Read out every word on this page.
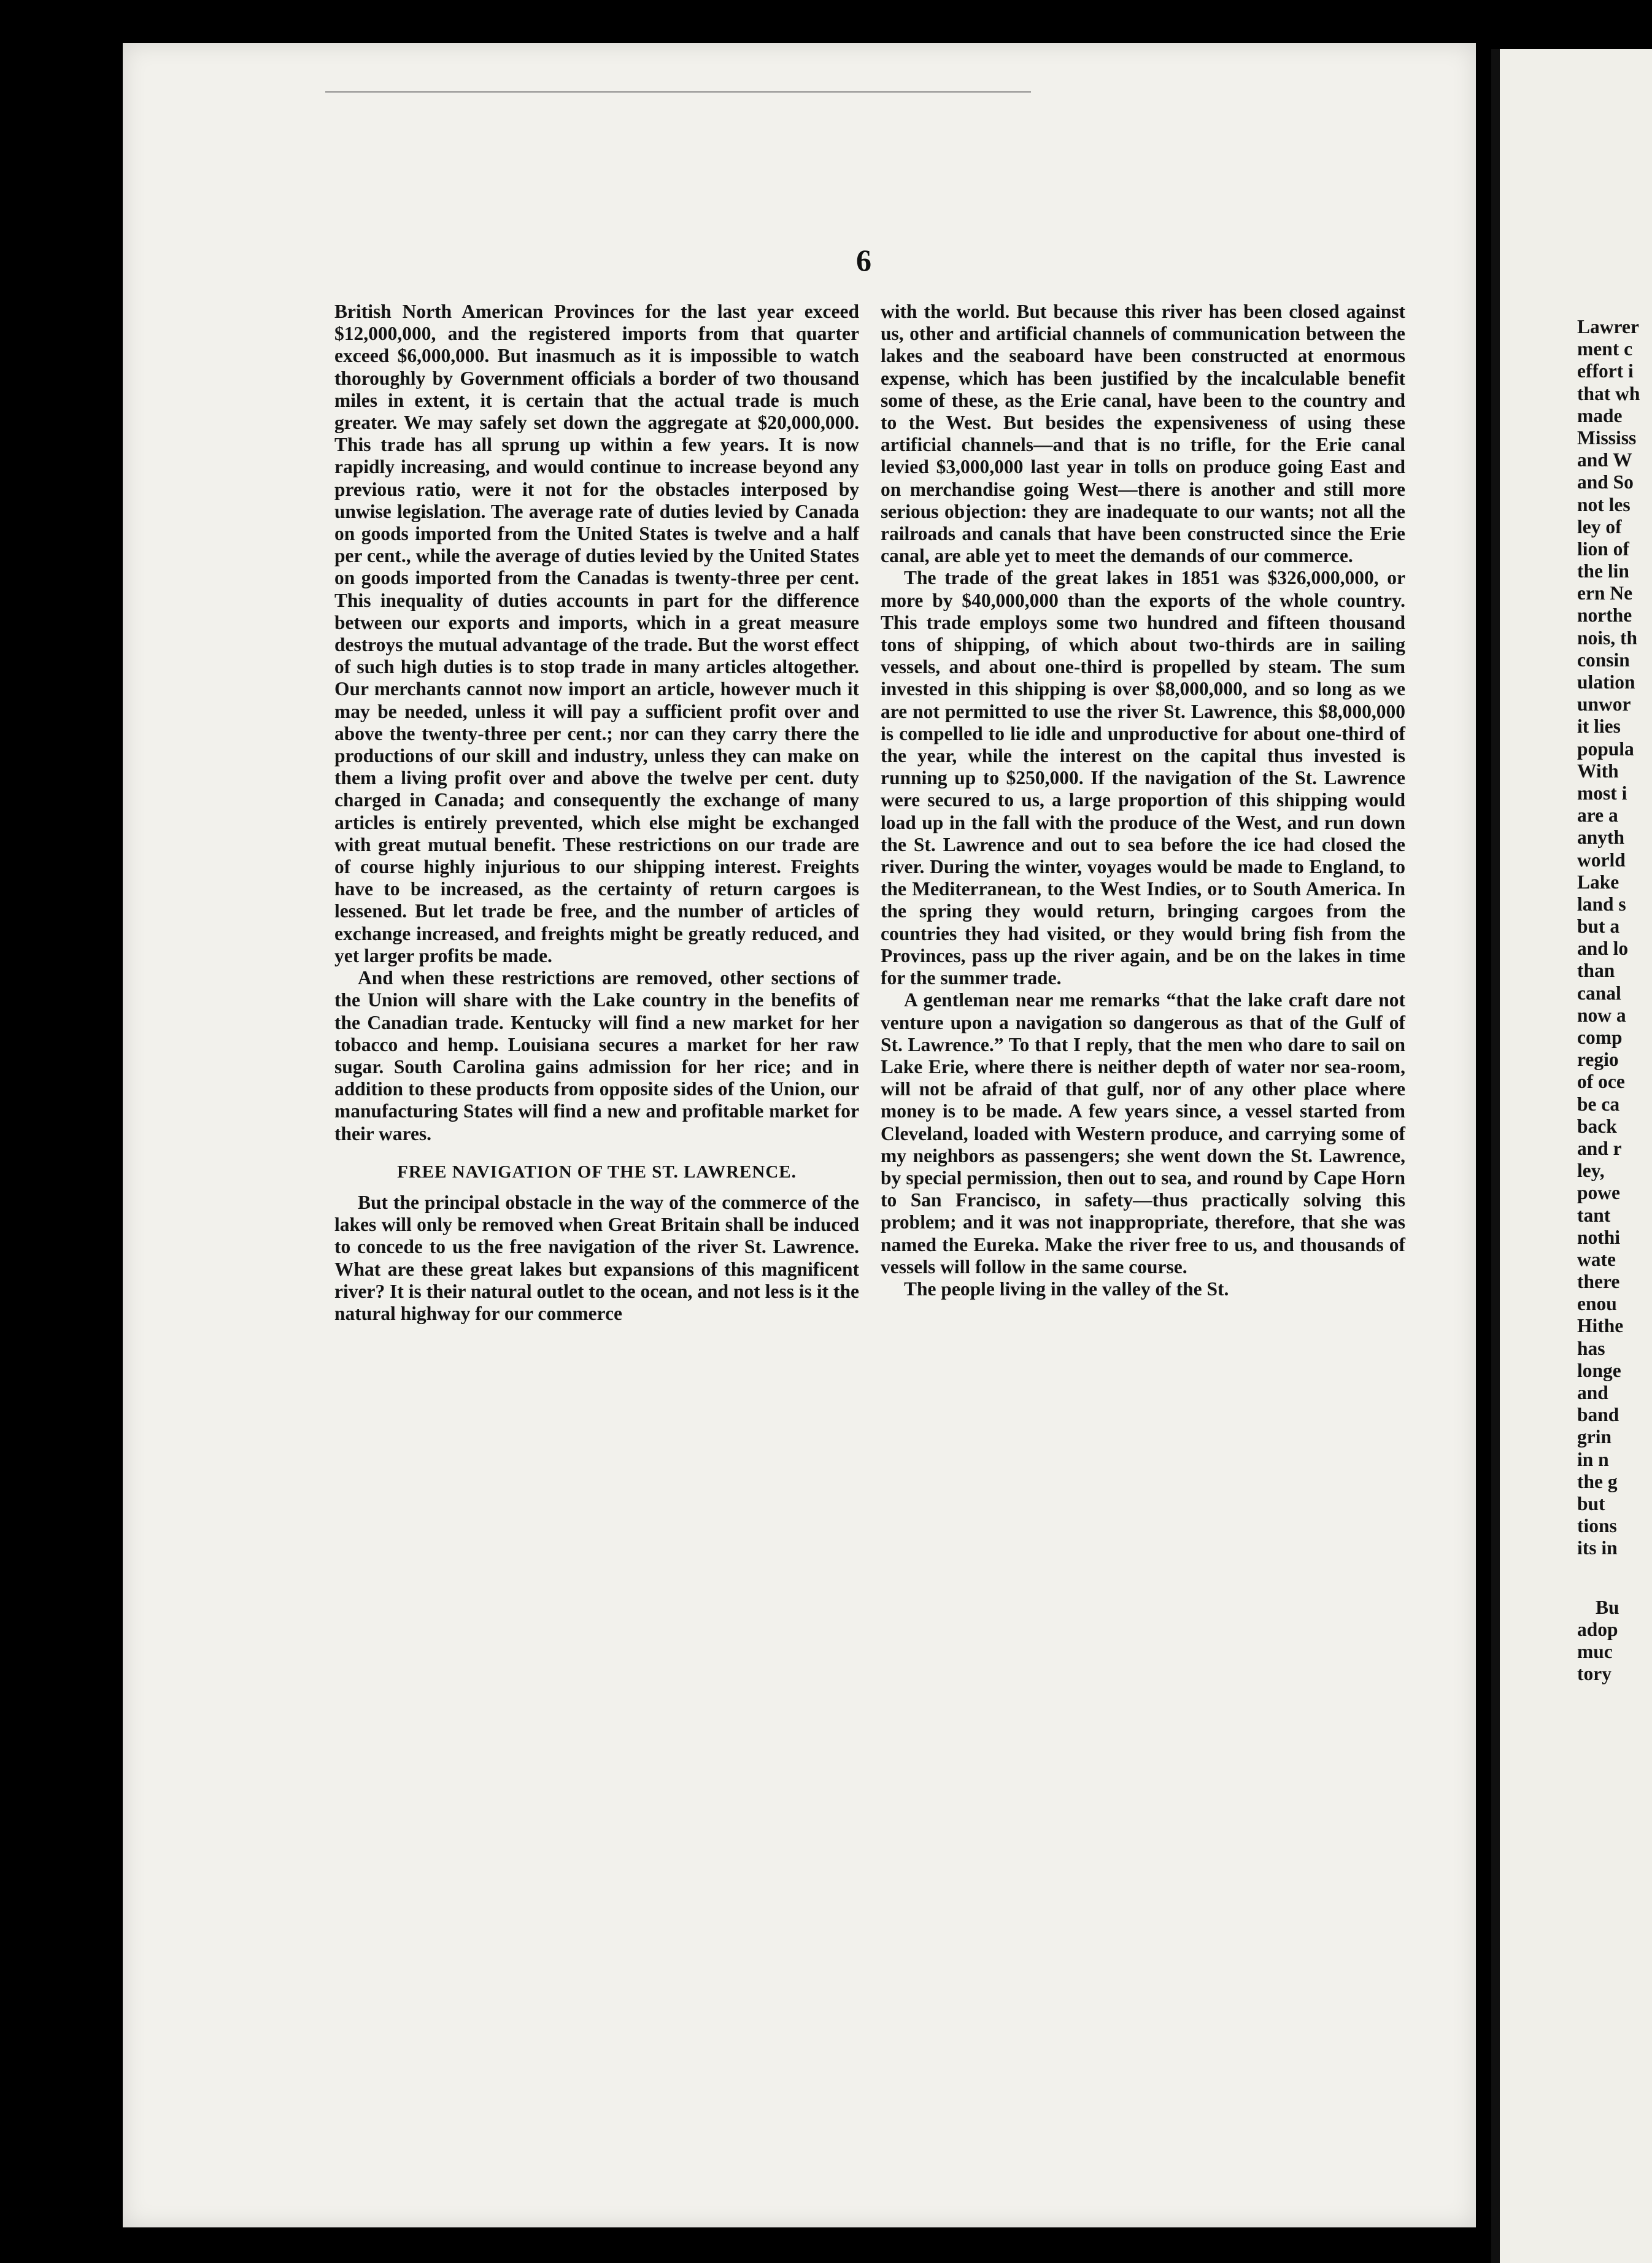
6

British North American Provinces for the last year exceed $12,000,000, and the registered imports from that quarter exceed $6,000,000. But inasmuch as it is impossible to watch thoroughly by Government officials a border of two thousand miles in extent, it is certain that the actual trade is much greater. We may safely set down the aggregate at $20,000,000. This trade has all sprung up within a few years. It is now rapidly increasing, and would continue to increase beyond any previous ratio, were it not for the obstacles interposed by unwise legislation. The average rate of duties levied by Canada on goods imported from the United States is twelve and a half per cent., while the average of duties levied by the United States on goods imported from the Canadas is twenty-three per cent. This inequality of duties accounts in part for the difference between our exports and imports, which in a great measure destroys the mutual advantage of the trade. But the worst effect of such high duties is to stop trade in many articles altogether. Our merchants cannot now import an article, however much it may be needed, unless it will pay a sufficient profit over and above the twenty-three per cent.; nor can they carry there the productions of our skill and industry, unless they can make on them a living profit over and above the twelve per cent. duty charged in Canada; and consequently the exchange of many articles is entirely prevented, which else might be exchanged with great mutual benefit. These restrictions on our trade are of course highly injurious to our shipping interest. Freights have to be increased, as the certainty of return cargoes is lessened. But let trade be free, and the number of articles of exchange increased, and freights might be greatly reduced, and yet larger profits be made.

And when these restrictions are removed, other sections of the Union will share with the Lake country in the benefits of the Canadian trade. Kentucky will find a new market for her tobacco and hemp. Louisiana secures a market for her raw sugar. South Carolina gains admission for her rice; and in addition to these products from opposite sides of the Union, our manufacturing States will find a new and profitable market for their wares.

FREE NAVIGATION OF THE ST. LAWRENCE.

But the principal obstacle in the way of the commerce of the lakes will only be removed when Great Britain shall be induced to concede to us the free navigation of the river St. Lawrence. What are these great lakes but expansions of this magnificent river? It is their natural outlet to the ocean, and not less is it the natural highway for our commerce

with the world. But because this river has been closed against us, other and artificial channels of communication between the lakes and the seaboard have been constructed at enormous expense, which has been justified by the incalculable benefit some of these, as the Erie canal, have been to the country and to the West. But besides the expensiveness of using these artificial channels—and that is no trifle, for the Erie canal levied $3,000,000 last year in tolls on produce going East and on merchandise going West—there is another and still more serious objection: they are inadequate to our wants; not all the railroads and canals that have been constructed since the Erie canal, are able yet to meet the demands of our commerce.

The trade of the great lakes in 1851 was $326,000,000, or more by $40,000,000 than the exports of the whole country. This trade employs some two hundred and fifteen thousand tons of shipping, of which about two-thirds are in sailing vessels, and about one-third is propelled by steam. The sum invested in this shipping is over $8,000,000, and so long as we are not permitted to use the river St. Lawrence, this $8,000,000 is compelled to lie idle and unproductive for about one-third of the year, while the interest on the capital thus invested is running up to $250,000. If the navigation of the St. Lawrence were secured to us, a large proportion of this shipping would load up in the fall with the produce of the West, and run down the St. Lawrence and out to sea before the ice had closed the river. During the winter, voyages would be made to England, to the Mediterranean, to the West Indies, or to South America. In the spring they would return, bringing cargoes from the countries they had visited, or they would bring fish from the Provinces, pass up the river again, and be on the lakes in time for the summer trade.

A gentleman near me remarks “that the lake craft dare not venture upon a navigation so dangerous as that of the Gulf of St. Lawrence.” To that I reply, that the men who dare to sail on Lake Erie, where there is neither depth of water nor sea-room, will not be afraid of that gulf, nor of any other place where money is to be made. A few years since, a vessel started from Cleveland, loaded with Western produce, and carrying some of my neighbors as passengers; she went down the St. Lawrence, by special permission, then out to sea, and round by Cape Horn to San Francisco, in safety—thus practically solving this problem; and it was not inappropriate, therefore, that she was named the Eureka. Make the river free to us, and thousands of vessels will follow in the same course.

The people living in the valley of the St.

Lawrer
ment c
effort i
that wh
made
Mississ
and W
and So
not les
ley of
lion of
the lin
ern Ne
northe
nois, th
consin
ulation
unwor
it lies
popula
With
most i
are a
anyth
world
Lake
land s
but a
and lo
than
canal
now a
comp
regio
of oce
be ca
back
and r
ley,
powe
tant
nothi
wate
there
enou
Hithe
has
longe
and
band
grin
in n
the g
but
tions
its in
Bu
adop
muc
tory
